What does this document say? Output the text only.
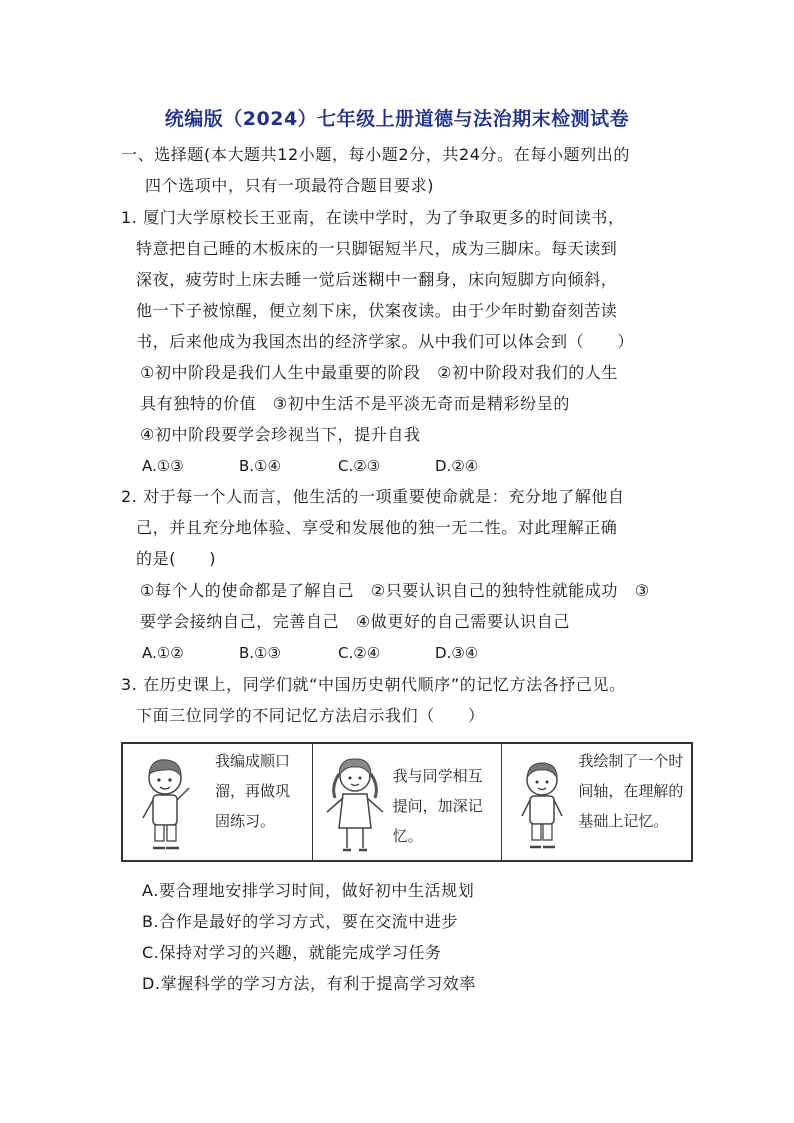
统编版（2024）七年级上册道德与法治期末检测试卷
一、选择题(本大题共12小题，每小题2分，共24分。在每小题列出的
四个选项中，只有一项最符合题目要求)
1. 厦门大学原校长王亚南，在读中学时，为了争取更多的时间读书，
特意把自己睡的木板床的一只脚锯短半尺，成为三脚床。每天读到
深夜，疲劳时上床去睡一觉后迷糊中一翻身，床向短脚方向倾斜，
他一下子被惊醒，便立刻下床，伏案夜读。由于少年时勤奋刻苦读
书，后来他成为我国杰出的经济学家。从中我们可以体会到（　　）
①初中阶段是我们人生中最重要的阶段　②初中阶段对我们的人生
具有独特的价值　③初中生活不是平淡无奇而是精彩纷呈的
④初中阶段要学会珍视当下，提升自我
A.①③	B.①④	C.②③	D.②④
2. 对于每一个人而言，他生活的一项重要使命就是：充分地了解他自
己，并且充分地体验、享受和发展他的独一无二性。对此理解正确
的是(　　)
①每个人的使命都是了解自己　②只要认识自己的独特性就能成功　③
要学会接纳自己，完善自己　④做更好的自己需要认识自己
A.①②	B.①③	C.②④	D.③④
3. 在历史课上，同学们就“中国历史朝代顺序”的记忆方法各抒己见。
下面三位同学的不同记忆方法启示我们（　　）
我编成顺口溜，再做巩固练习。
我与同学相互提问，加深记忆。
我绘制了一个时间轴，在理解的基础上记忆。
A.要合理地安排学习时间，做好初中生活规划
B.合作是最好的学习方式，要在交流中进步
C.保持对学习的兴趣，就能完成学习任务
D.掌握科学的学习方法，有利于提高学习效率
